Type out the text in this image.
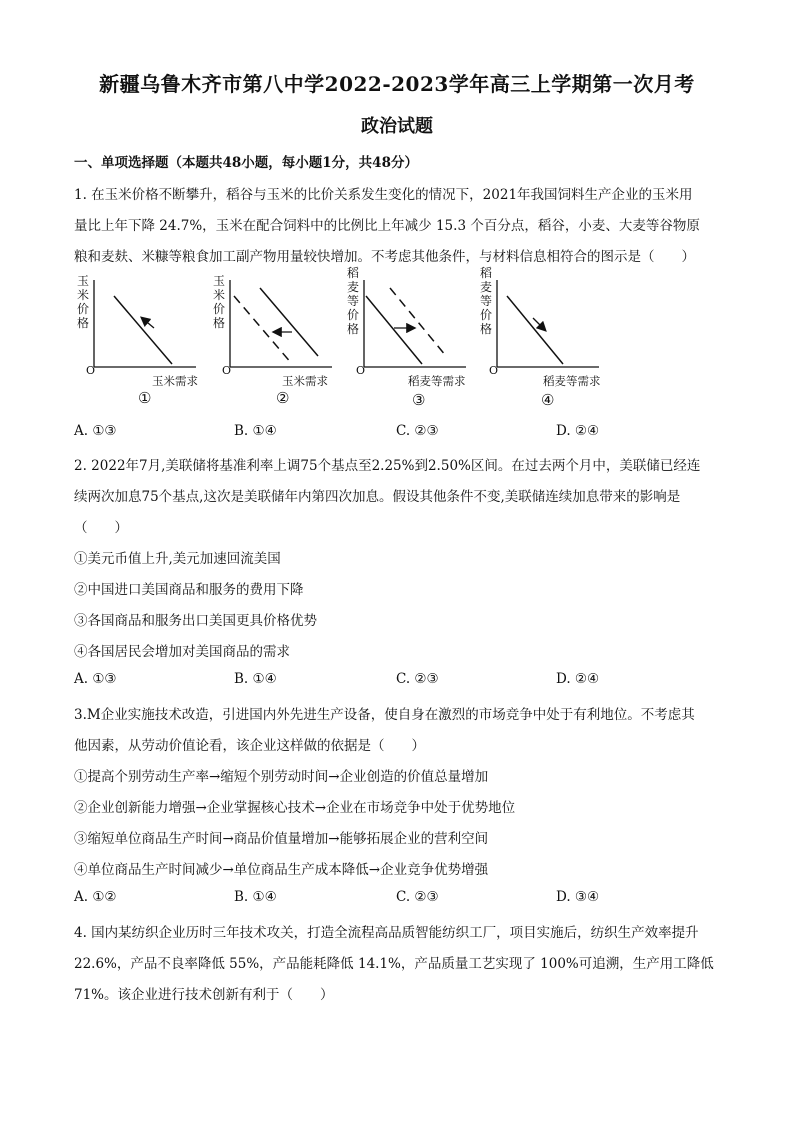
新疆乌鲁木齐市第八中学2022-2023学年高三上学期第一次月考
政治试题
一、单项选择题（本题共48小题，每小题1分，共48分）
1. 在玉米价格不断攀升，稻谷与玉米的比价关系发生变化的情况下，2021年我国饲料生产企业的玉米用
量比上年下降 24.7%，玉米在配合饲料中的比例比上年减少 15.3 个百分点，稻谷，小麦、大麦等谷物原
粮和麦麸、米糠等粮食加工副产物用量较快增加。不考虑其他条件，与材料信息相符合的图示是（　　）
玉米价格
O
玉米需求
①
玉米价格
O
玉米需求
②
稻麦等价格
O
稻麦等需求
③
稻麦等价格
O
稻麦等需求
④
A. ①③	B. ①④	C. ②③	D. ②④
2. 2022年7月,美联储将基准利率上调75个基点至2.25%到2.50%区间。在过去两个月中，美联储已经连
续两次加息75个基点,这次是美联储年内第四次加息。假设其他条件不变,美联储连续加息带来的影响是
（　　）
①美元币值上升,美元加速回流美国
②中国进口美国商品和服务的费用下降
③各国商品和服务出口美国更具价格优势
④各国居民会增加对美国商品的需求
A. ①③	B. ①④	C. ②③	D. ②④
3.M企业实施技术改造，引进国内外先进生产设备，使自身在激烈的市场竞争中处于有利地位。不考虑其
他因素，从劳动价值论看，该企业这样做的依据是（　　）
①提高个别劳动生产率→缩短个别劳动时间→企业创造的价值总量增加
②企业创新能力增强→企业掌握核心技术→企业在市场竞争中处于优势地位
③缩短单位商品生产时间→商品价值量增加→能够拓展企业的营利空间
④单位商品生产时间减少→单位商品生产成本降低→企业竞争优势增强
A. ①②	B. ①④	C. ②③	D. ③④
4. 国内某纺织企业历时三年技术攻关，打造全流程高品质智能纺织工厂，项目实施后，纺织生产效率提升
22.6%，产品不良率降低 55%，产品能耗降低 14.1%，产品质量工艺实现了 100%可追溯，生产用工降低
71%。该企业进行技术创新有利于（　　）
